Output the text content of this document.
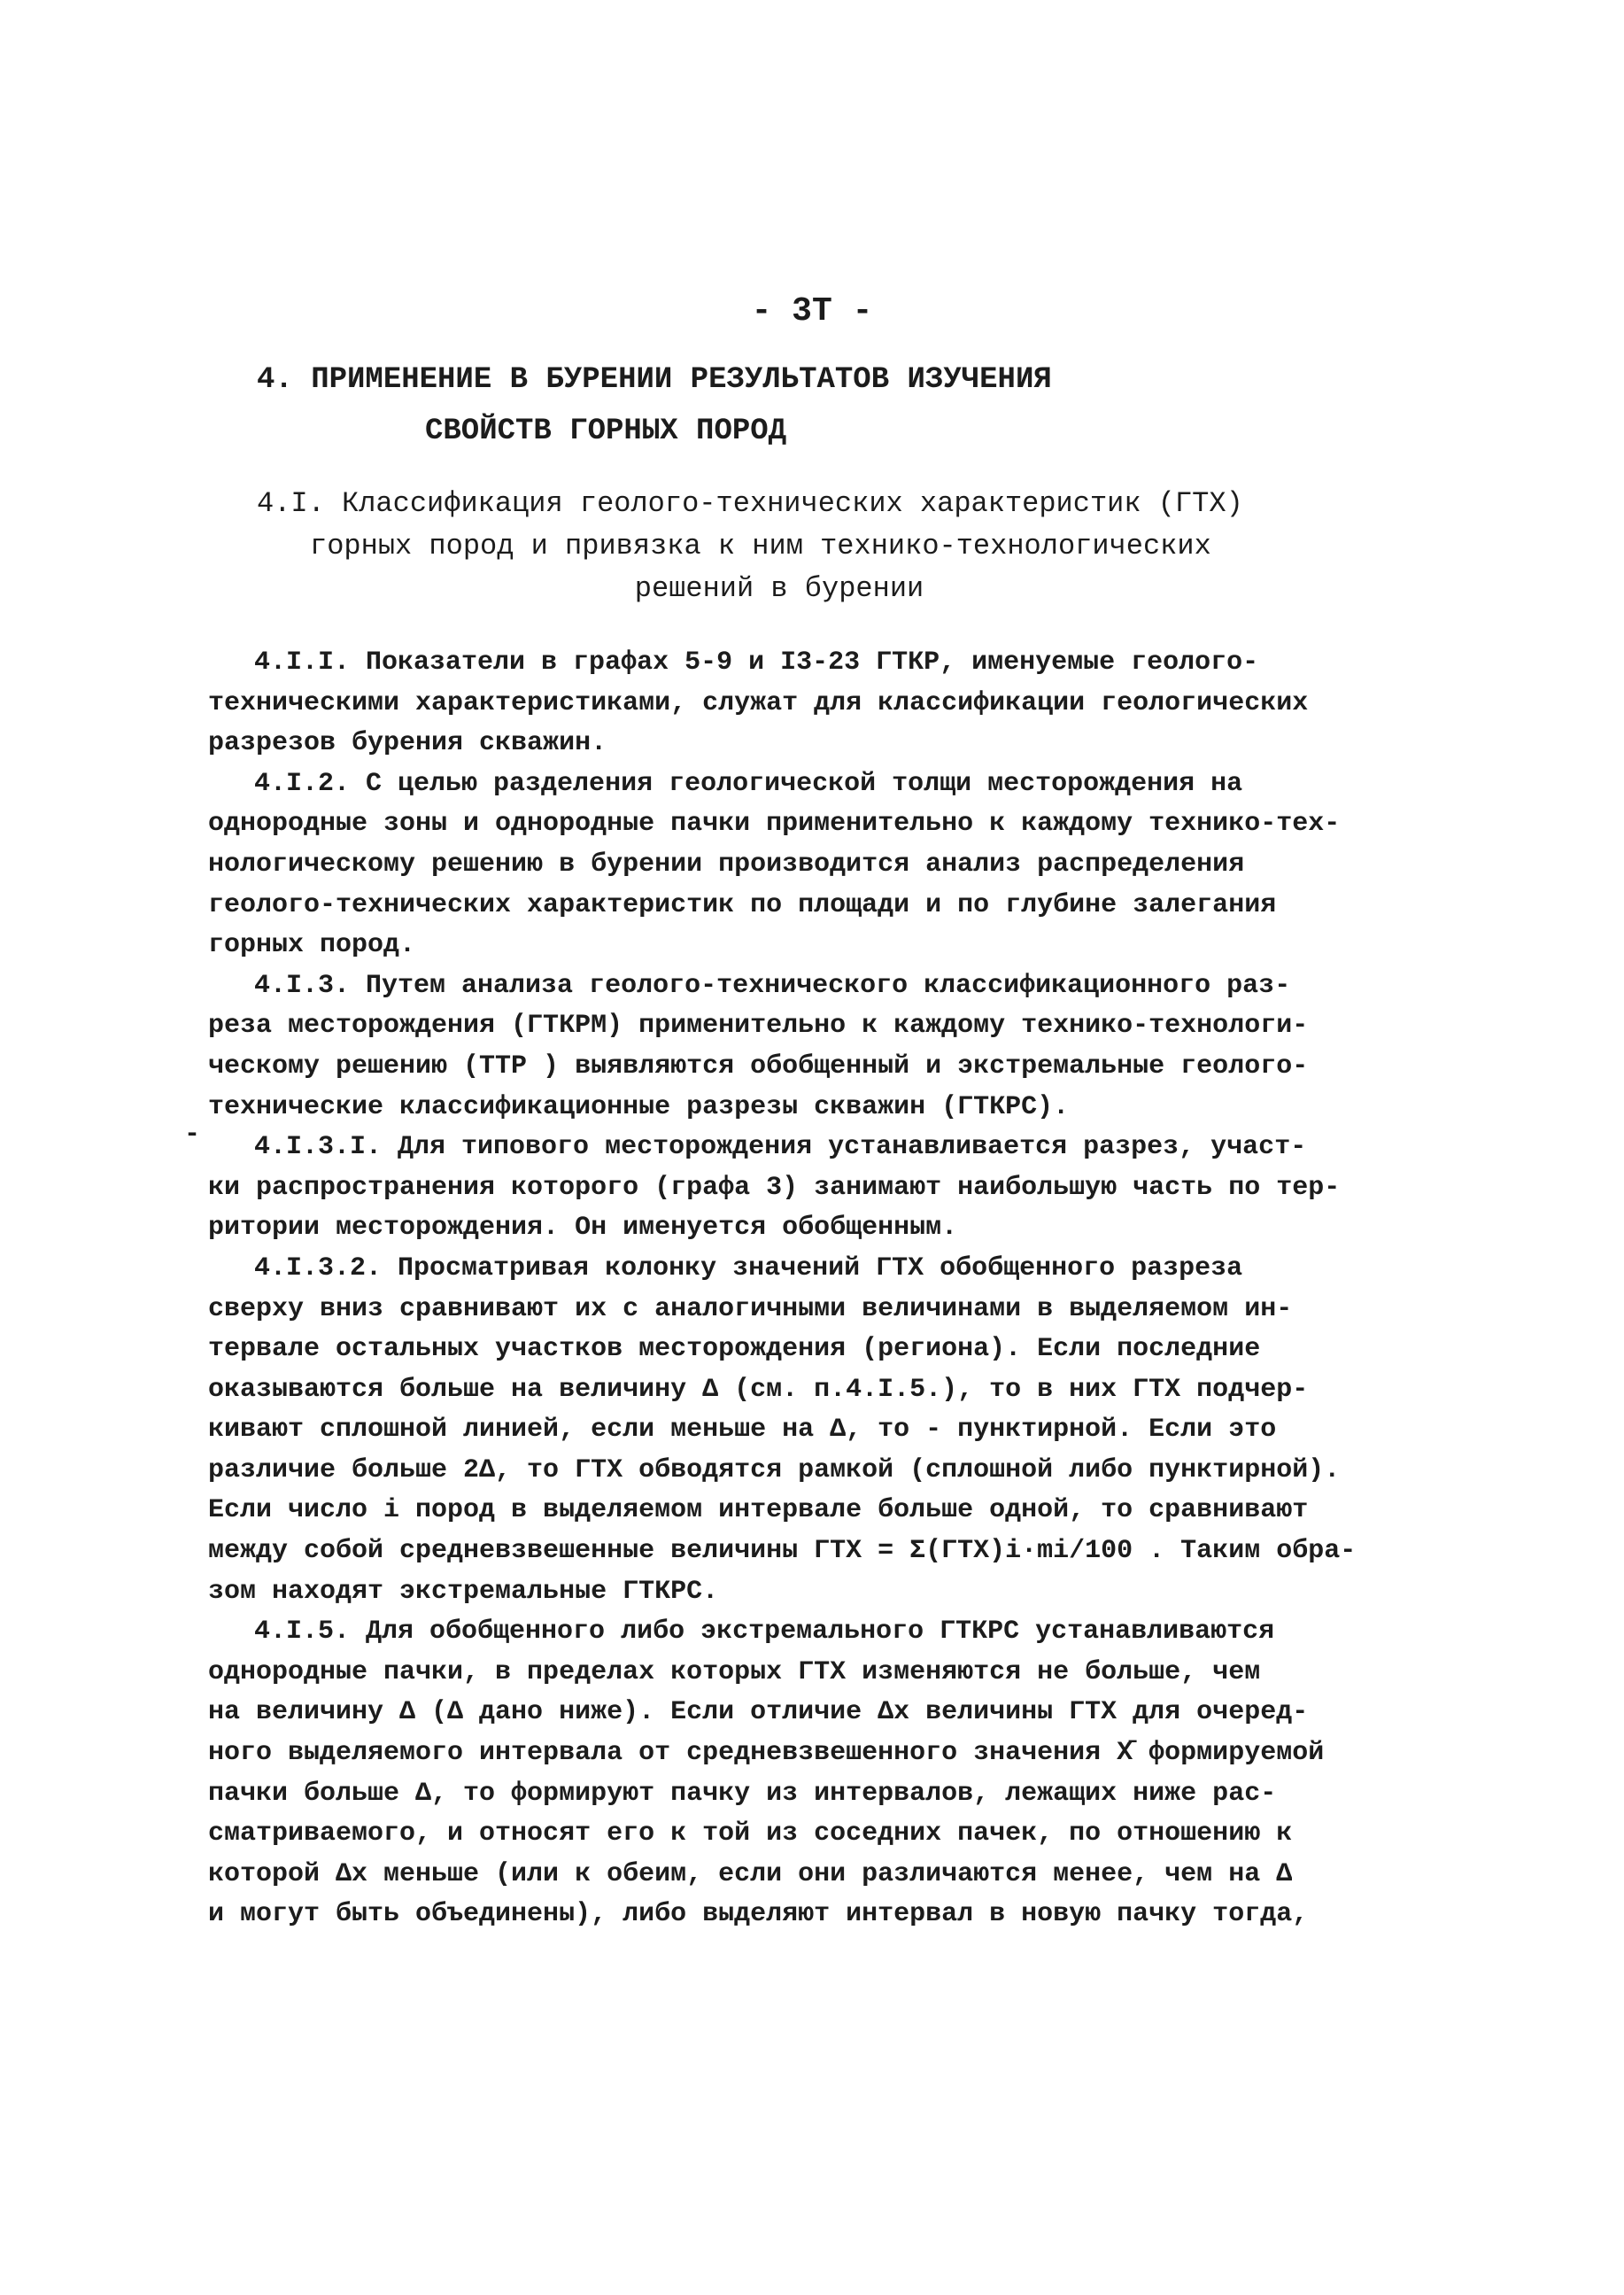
- 3Т -
4. ПРИМЕНЕНИЕ В БУРЕНИИ РЕЗУЛЬТАТОВ ИЗУЧЕНИЯ
СВОЙСТВ ГОРНЫХ ПОРОД
4.I. Классификация геолого-технических характеристик (ГТХ)
горных пород и привязка к ним технико-технологических
решений в бурении
-
4.I.I. Показатели в графах 5-9 и I3-23 ГТКР, именуемые геолого-
техническими характеристиками, служат для классификации геологических
разрезов бурения скважин.
4.I.2. С целью разделения геологической толщи месторождения на
однородные зоны и однородные пачки применительно к каждому технико-тех-
нологическому решению в бурении производится анализ распределения
геолого-технических характеристик по площади и по глубине залегания
горных пород.
4.I.3. Путем анализа геолого-технического классификационного раз-
реза месторождения (ГТКРМ) применительно к каждому технико-технологи-
ческому решению (ТТР ) выявляются обобщенный и экстремальные геолого-
технические классификационные разрезы скважин (ГТКРС).
4.I.3.I. Для типового месторождения устанавливается разрез, участ-
ки распространения которого (графа 3) занимают наибольшую часть по тер-
ритории месторождения. Он именуется обобщенным.
4.I.3.2. Просматривая колонку значений ГТХ обобщенного разреза
сверху вниз сравнивают их с аналогичными величинами в выделяемом ин-
тервале остальных участков месторождения (региона). Если последние
оказываются больше на величину Δ (см. п.4.I.5.), то в них ГТХ подчер-
кивают сплошной линией, если меньше на Δ, то - пунктирной. Если это
различие больше 2Δ, то ГТХ обводятся рамкой (сплошной либо пунктирной).
Если число i пород в выделяемом интервале больше одной, то сравнивают
между собой средневзвешенные величины ГТХ = Σ(ГТХ)i·mi/100 . Таким обра-
зом находят экстремальные ГТКРС.
4.I.5. Для обобщенного либо экстремального ГТКРС устанавливаются
однородные пачки, в пределах которых ГТХ изменяются не больше, чем
на величину Δ (Δ дано ниже). Если отличие Δх величины ГТХ для очеред-
ного выделяемого интервала от средневзвешенного значения Х̄ формируемой
пачки больше Δ, то формируют пачку из интервалов, лежащих ниже рас-
сматриваемого, и относят его к той из соседних пачек, по отношению к
которой Δх меньше (или к обеим, если они различаются менее, чем на Δ
и могут быть объединены), либо выделяют интервал в новую пачку тогда,
